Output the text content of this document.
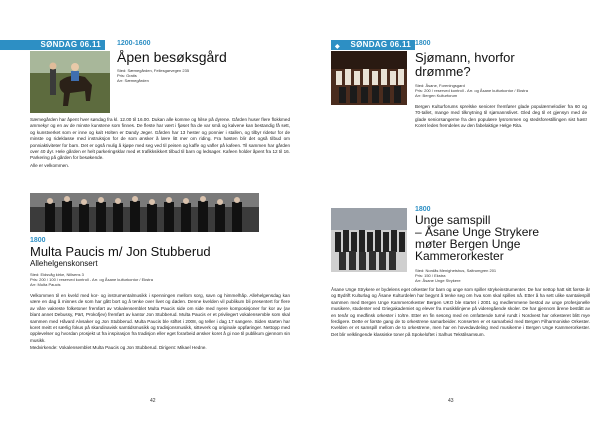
SØNDAG 06.11	1200-1600
Åpen besøksgård
Sted: Sæmegården, Fellesgarvegen 235
Pris: Gratis
Arr: Sæmegården

Sæmegården har åpent hver søndag fra kl. 12.00 til 16.00. Dukan alle komme og hilse på dyrene. Gården huser flere flokkmed ammekyr og en av de minste kunstene som finnes. De fleste har vært i fjøset fra de var små og kalvene kan bestandig få sett, og kunstverket som er inne og kalt Holten er Dandy Jeger. Gården har 13 hester og ponnier i stallen, og tilbyr ridetur for de minste og rideklasse med instruksjon for de som ønsker å lære litt mer om riding. Fra høsten blir det også tilbud om ponniaktiviteter for barn. Det er også mulig å kjøpe med seg ved til peisen og kaffe og vafler på kafeen. Til sammen har gården over 40 dyr. Hele gården er helt parkeringsklar med et trafikksikkert tilbud til barn og ledsager. Kafeen holder åpent fra 12 til 16. Parkering på gården for besøkende.

Alle er velkommen.

1800
Multa Paucis m/ Jon Stubberud
Allehelgenskonsert
Sted: Eidsvåg kirke, Nillsens 3
Pris: 200 / 100 / reserved kontroll - Arr. og Åsane kulturkontor / Ekstra
Arr: Multa Paucis

Velkommen til en kveld med kor- og instrumentalmusikk i spenningen mellom sorg, savn og himmelhåp. Allehelgensdag kan være en dag å minnes de som har gått bort og å tenke over livet og døden. Denne kvelden vil publikum bli presentert for flere av våre vakreste folketoner fremført av Vokalensemblet Multa Paucis side om side med nyere komposisjoner for kor av (av blant annet Debussy, Pärt, Prokofjev) fremført av kantor Jon Stubberud. Multa Paucis er et privilegert vokalensemble som skal sammen med Håvard Alvsaker og Jon Stubberud. Multa Paucis ble stiftet i 2008, og teller i dag 17 sangere. Siden starten har koret meitt et særlig fokus på skandinavisk samtidsmusikk og tradisjonsmusikk, sitteverk og originale oppføringer. Nettopp med opplevelser og hvordan prosjekt ut fra inspirasjon fra tradisjon eller eget forarbeid ønsker koret å gi noe til publikum gjennom sin musikk.

Medvirkende: Vokalensemblet Multa Paucis og Jon Stubberud. Dirigent: Mikael Hedne.

42
◆ SØNDAG 06.11 1800
Sjømann, hvorfor
drømme?
Sted: Åsane, Foreningsgard
Pris: 200 / reserved kontroll - Arr. og Åsane kulturkontor / Ekstra
Arr: Bergen Kulturforum

Bergen Kulturforums sprelske seniorer fremfører glade populærmelodier fra 60 og 70-tallet, mange med tilknytning til sjømannslivet. Gled deg til et gjensyn med de glade seniorsangerne fra den populære lysrommen og stedsforestillingen sist høst! Koret ledes fremdeles av den fabelaktige Helge Rita.

1800
Unge samspill
– Åsane Unge Strykere
møter Bergen Unge
Kammerorkester
Sted: Nordås Menighetshus, Saltrumgren 201
Pris: 150 / Ekstra
Arr: Åsane Unge Strykere

Åsane Unge Strykere er bydelens eget orkester for barn og unge som spiller strykeinstrumenter. De har nettop hatt sitt første år og Bydrift Kulturlag og Åsane Kulturdelen har begynt å tenke seg om hva som skal spilles nå. Etter å ha sett ulike samtalespill sammen med Bergen Unge Kammerorkester Bergen UKO ble startet i 2001 og medlemmene bestod av unge profesjonelle musikere, studenter ved Griegakademiet og elever fra musikklinjene på videregående skoler. De har gjennom årene bestått av en tenår og medfinsk orkester i to/tre. Etter en fin sesong med en omfattende turné rundt i Nordvest har orkesteret blitt mye ferdigere. Dette er første gang de to orkestrene samarbeider. Konserten er et samarbeid med Bergen Filharmoniske Orkester. Kvelden er et samspill mellom de to orkestrene, men har en hovedavdeling med musikerne i Bergen Unge Kammerorkester. Det blir velklingende klassiske toner på Spokeloftet i Salhus Tekstilsamsum.

43
